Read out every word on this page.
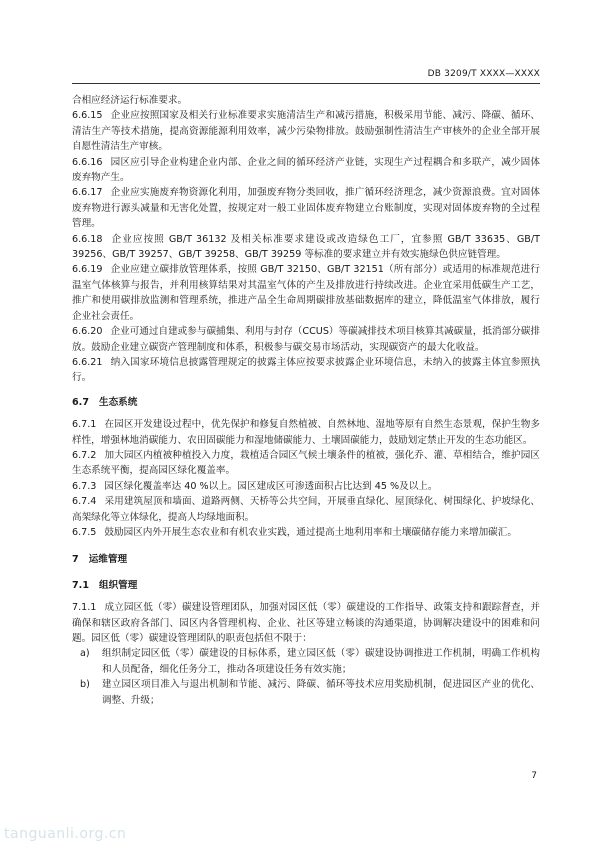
DB 3209/T XXXX—XXXX

合相应经济运行标准要求。

6.6.15 企业应按照国家及相关行业标准要求实施清洁生产和减污措施，积极采用节能、减污、降碳、循环、清洁生产等技术措施，提高资源能源利用效率，减少污染物排放。鼓励强制性清洁生产审核外的企业全部开展自愿性清洁生产审核。

6.6.16 园区应引导企业构建企业内部、企业之间的循环经济产业链，实现生产过程耦合和多联产，减少固体废弃物产生。

6.6.17 企业应实施废弃物资源化利用，加强废弃物分类回收，推广循环经济理念，减少资源浪费。宜对固体废弃物进行源头减量和无害化处置，按规定对一般工业固体废弃物建立台账制度，实现对固体废弃物的全过程管理。

6.6.18 企业应按照 GB/T 36132 及相关标准要求建设或改造绿色工厂，宜参照 GB/T 33635、GB/T 39256、GB/T 39257、GB/T 39258、GB/T 39259 等标准的要求建立并有效实施绿色供应链管理。

6.6.19 企业应建立碳排放管理体系，按照 GB/T 32150、GB/T 32151（所有部分）或适用的标准规范进行温室气体核算与报告，并利用核算结果对其温室气体的产生及排放进行持续改进。企业宜采用低碳生产工艺，推广和使用碳排放监测和管理系统，推进产品全生命周期碳排放基础数据库的建立，降低温室气体排放，履行企业社会责任。

6.6.20 企业可通过自建或参与碳捕集、利用与封存（CCUS）等碳减排技术项目核算其减碳量，抵消部分碳排放。鼓励企业建立碳资产管理制度和体系，积极参与碳交易市场活动，实现碳资产的最大化收益。

6.6.21 纳入国家环境信息披露管理规定的披露主体应按要求披露企业环境信息，未纳入的披露主体宜参照执行。

6.7 生态系统

6.7.1 在园区开发建设过程中，优先保护和修复自然植被、自然林地、湿地等原有自然生态景观，保护生物多样性，增强林地消碳能力、农田固碳能力和湿地储碳能力、土壤固碳能力，鼓励划定禁止开发的生态功能区。

6.7.2 加大园区内植被种植投入力度，栽植适合园区气候土壤条件的植被，强化乔、灌、草相结合，维护园区生态系统平衡，提高园区绿化覆盖率。

6.7.3 园区绿化覆盖率达 40 %以上。园区建成区可渗透面积占比达到 45 %及以上。

6.7.4 采用建筑屋顶和墙面、道路两侧、天桥等公共空间，开展垂直绿化、屋顶绿化、树围绿化、护坡绿化、高架绿化等立体绿化，提高人均绿地面积。

6.7.5 鼓励园区内外开展生态农业和有机农业实践，通过提高土地利用率和土壤碳储存能力来增加碳汇。

7 运维管理
7.1 组织管理

7.1.1 成立园区低（零）碳建设管理团队，加强对园区低（零）碳建设的工作指导、政策支持和跟踪督查，并确保和辖区政府各部门、园区内各管理机构、企业、社区等建立畅谈的沟通渠道，协调解决建设中的困难和问题。园区低（零）碳建设管理团队的职责包括但不限于：

a)	组织制定园区低（零）碳建设的目标体系，建立园区低（零）碳建设协调推进工作机制，明确工作机构和人员配备，细化任务分工，推动各项建设任务有效实施；
b)	建立园区项目准入与退出机制和节能、减污、降碳、循环等技术应用奖励机制，促进园区产业的优化、调整、升级；
7
tanguanli.org.cn
